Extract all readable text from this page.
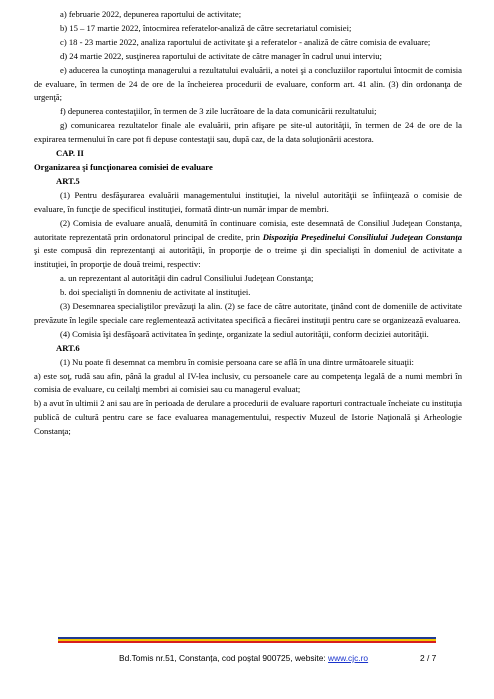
a) februarie 2022, depunerea raportului de activitate;

b) 15 – 17 martie 2022, întocmirea referatelor-analiză de către secretariatul comisiei;

c) 18 - 23 martie 2022, analiza raportului de activitate şi a referatelor - analiză de către comisia de evaluare;

d) 24 martie 2022, susţinerea raportului de activitate de către manager în cadrul unui interviu;

e) aducerea la cunoştinţa managerului a rezultatului evaluării, a notei şi a concluziilor raportului întocmit de comisia de evaluare, în termen de 24 de ore de la încheierea procedurii de evaluare, conform art. 41 alin. (3) din ordonanţa de urgenţă;

f) depunerea contestaţiilor, în termen de 3 zile lucrătoare de la data comunicării rezultatului;

g) comunicarea rezultatelor finale ale evaluării, prin afişare pe site-ul autorităţii, în termen de 24 de ore de la expirarea termenului în care pot fi depuse contestaţii sau, după caz, de la data soluţionării acestora.

CAP. II

Organizarea şi funcţionarea comisiei de evaluare

ART.5

(1) Pentru desfăşurarea evaluării managementului instituţiei, la nivelul autorităţii se înfiinţează o comisie de evaluare, în funcţie de specificul instituţiei, formată dintr-un număr impar de membri.

(2) Comisia de evaluare anuală, denumită în continuare comisia, este desemnată de Consiliul Judeţean Constanţa, autoritate reprezentată prin ordonatorul principal de credite, prin Dispoziţia Preşedinelui Consiliului Judeţean Constanţa şi este compusă din reprezentanţi ai autorităţii, în proporţie de o treime şi din specialişti în domeniul de activitate a instituţiei, în proporţie de două treimi, respectiv:

a. un reprezentant al autorităţii din cadrul Consiliului Judeţean Constanţa;

b. doi specialişti în domneniu de activitate al instituţiei.

(3) Desemnarea specialiştilor prevăzuţi la alin. (2) se face de către autoritate, ţinând cont de domeniile de activitate prevăzute în legile speciale care reglementează activitatea specifică a fiecărei instituţii pentru care se organizează evaluarea.

(4) Comisia îşi desfăşoară activitatea în şedinţe, organizate la sediul autorităţii, conform deciziei autorităţii.

ART.6

(1) Nu poate fi desemnat ca membru în comisie persoana care se află în una dintre următoarele situaţii:

a) este soţ, rudă sau afin, până la gradul al IV-lea inclusiv, cu persoanele care au competenţa legală de a numi membri în comisia de evaluare, cu ceilalţi membri ai comisiei sau cu managerul evaluat;

b) a avut în ultimii 2 ani sau are în perioada de derulare a procedurii de evaluare raporturi contractuale încheiate cu instituţia publică de cultură pentru care se face evaluarea managementului, respectiv Muzeul de Istorie Naţională şi Arheologie Constanţa;

Bd.Tomis nr.51, Constanța, cod poștal 900725, website: www.cjc.ro	2 / 7
